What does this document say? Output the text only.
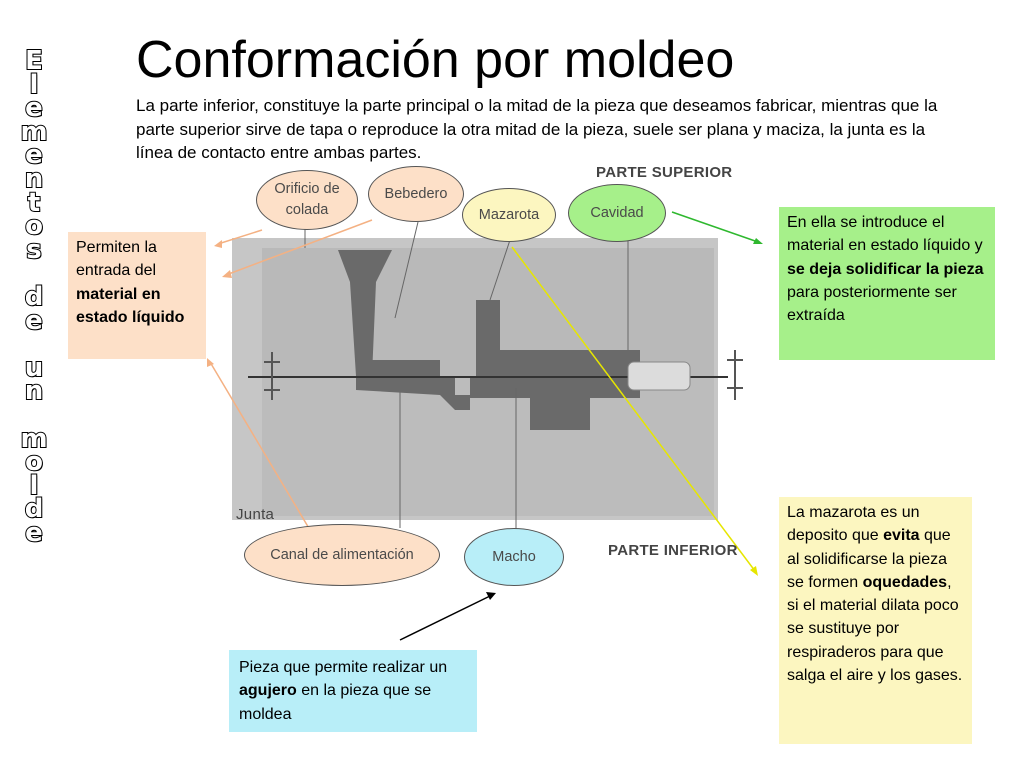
Conformación por moldeo
La parte inferior, constituye la parte principal o la mitad de la pieza que deseamos fabricar, mientras que la parte superior sirve de tapa o reproduce la otra mitad de la pieza, suele ser plana y maciza, la junta es la línea de contacto entre ambas partes.
E
l
e
m
e
n
t
o
s

d
e

u
n

m
o
l
d
e
PARTE SUPERIOR
PARTE INFERIOR
Junta
Orificio de colada
Bebedero
Mazarota	Cavidad
Canal de alimentación	Macho
Permiten la entrada del material en estado líquido
En ella se introduce el material en estado líquido y se deja solidificar la pieza para posteriormente ser extraída
La mazarota es un deposito que evita que al solidificarse la pieza se formen oquedades,
si el material dilata poco se sustituye por respiraderos para que salga el aire y los gases.
Pieza que permite realizar un agujero en la pieza que se moldea
